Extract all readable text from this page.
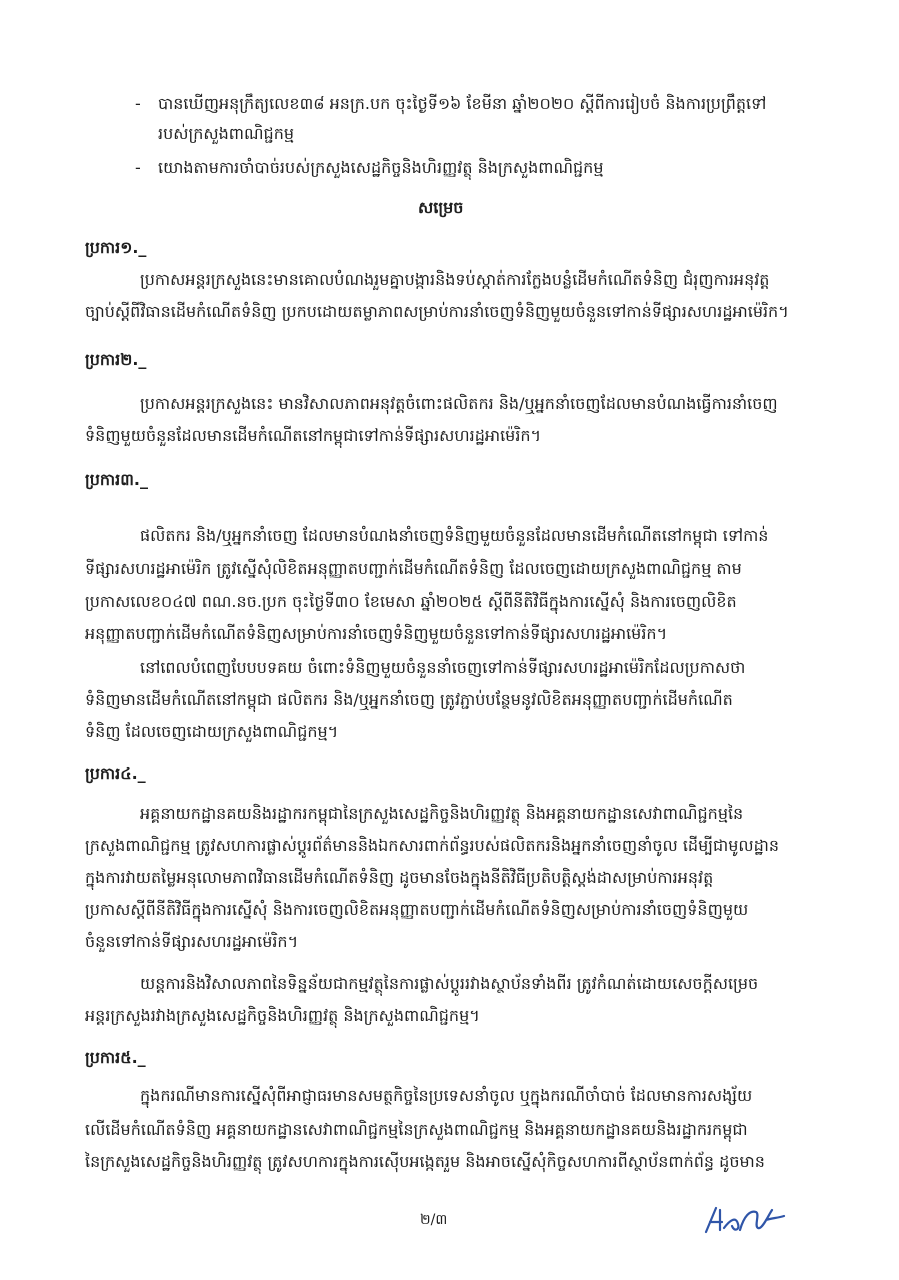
- បានឃើញអនុក្រឹត្យលេខ៣៨ អនក្រ.បក ចុះថ្ងៃទី១៦ ខែមីនា ឆ្នាំ២០២០ ស្តីពីការរៀបចំ និងការប្រព្រឹត្តទៅ
របស់ក្រសួងពាណិជ្ជកម្ម
- យោងតាមការចាំបាច់របស់ក្រសួងសេដ្ឋកិច្ចនិងហិរញ្ញវត្ថុ និងក្រសួងពាណិជ្ជកម្ម
សម្រេច
ប្រការ១._
ប្រកាសអន្តរក្រសួងនេះមានគោលបំណងរួមគ្នាបង្ការនិងទប់ស្កាត់ការក្លែងបន្លំដើមកំណើតទំនិញ ជំរុញការអនុវត្ត
ច្បាប់ស្តីពីវិធានដើមកំណើតទំនិញ ប្រកបដោយតម្លាភាពសម្រាប់ការនាំចេញទំនិញមួយចំនួនទៅកាន់ទីផ្សារសហរដ្ឋអាម៉េរិក។
ប្រការ២._
ប្រកាសអន្តរក្រសួងនេះ មានវិសាលភាពអនុវត្តចំពោះផលិតករ និង/ឬអ្នកនាំចេញដែលមានបំណងធ្វើការនាំចេញ
ទំនិញមួយចំនួនដែលមានដើមកំណើតនៅកម្ពុជាទៅកាន់ទីផ្សារសហរដ្ឋអាម៉េរិក។
ប្រការ៣._
ផលិតករ និង/ឬអ្នកនាំចេញ ដែលមានបំណងនាំចេញទំនិញមួយចំនួនដែលមានដើមកំណើតនៅកម្ពុជា ទៅកាន់
ទីផ្សារសហរដ្ឋអាម៉េរិក ត្រូវស្នើសុំលិខិតអនុញ្ញាតបញ្ជាក់ដើមកំណើតទំនិញ ដែលចេញដោយក្រសួងពាណិជ្ជកម្ម តាម
ប្រកាសលេខ០៤៧ ពណ.នច.ប្រក ចុះថ្ងៃទី៣០ ខែមេសា ឆ្នាំ២០២៥ ស្តីពីនីតិវិធីក្នុងការស្នើសុំ និងការចេញលិខិត
អនុញ្ញាតបញ្ជាក់ដើមកំណើតទំនិញសម្រាប់ការនាំចេញទំនិញមួយចំនួនទៅកាន់ទីផ្សារសហរដ្ឋអាម៉េរិក។
នៅពេលបំពេញបែបបទគយ ចំពោះទំនិញមួយចំនួននាំចេញទៅកាន់ទីផ្សារសហរដ្ឋអាម៉េរិកដែលប្រកាសថា
ទំនិញមានដើមកំណើតនៅកម្ពុជា ផលិតករ និង/ឬអ្នកនាំចេញ ត្រូវភ្ជាប់បន្ថែមនូវលិខិតអនុញ្ញាតបញ្ជាក់ដើមកំណើត
ទំនិញ ដែលចេញដោយក្រសួងពាណិជ្ជកម្ម។
ប្រការ៤._
អគ្គនាយកដ្ឋានគយនិងរដ្ឋាករកម្ពុជានៃក្រសួងសេដ្ឋកិច្ចនិងហិរញ្ញវត្ថុ និងអគ្គនាយកដ្ឋានសេវាពាណិជ្ជកម្មនៃ
ក្រសួងពាណិជ្ជកម្ម ត្រូវសហការផ្លាស់ប្តូរព័ត៌មាននិងឯកសារពាក់ព័ន្ធរបស់ផលិតករនិងអ្នកនាំចេញនាំចូល ដើម្បីជាមូលដ្ឋាន
ក្នុងការវាយតម្លៃអនុលោមភាពវិធានដើមកំណើតទំនិញ ដូចមានចែងក្នុងនីតិវិធីប្រតិបត្តិស្តង់ដាសម្រាប់ការអនុវត្ត
ប្រកាសស្តីពីនីតិវិធីក្នុងការស្នើសុំ និងការចេញលិខិតអនុញ្ញាតបញ្ជាក់ដើមកំណើតទំនិញសម្រាប់ការនាំចេញទំនិញមួយ
ចំនួនទៅកាន់ទីផ្សារសហរដ្ឋអាម៉េរិក។
យន្តការនិងវិសាលភាពនៃទិន្នន័យជាកម្មវត្ថុនៃការផ្លាស់ប្តូររវាងស្ថាប័នទាំងពីរ ត្រូវកំណត់ដោយសេចក្តីសម្រេច
អន្តរក្រសួងរវាងក្រសួងសេដ្ឋកិច្ចនិងហិរញ្ញវត្ថុ និងក្រសួងពាណិជ្ជកម្ម។
ប្រការ៥._
ក្នុងករណីមានការស្នើសុំពីអាជ្ញាធរមានសមត្ថកិច្ចនៃប្រទេសនាំចូល ឬក្នុងករណីចាំបាច់ ដែលមានការសង្ស័យ
លើដើមកំណើតទំនិញ អគ្គនាយកដ្ឋានសេវាពាណិជ្ជកម្មនៃក្រសួងពាណិជ្ជកម្ម និងអគ្គនាយកដ្ឋានគយនិងរដ្ឋាករកម្ពុជា
នៃក្រសួងសេដ្ឋកិច្ចនិងហិរញ្ញវត្ថុ ត្រូវសហការក្នុងការស៊ើបអង្កេតរួម និងអាចស្នើសុំកិច្ចសហការពីស្ថាប័នពាក់ព័ន្ធ ដូចមាន
២/៣
